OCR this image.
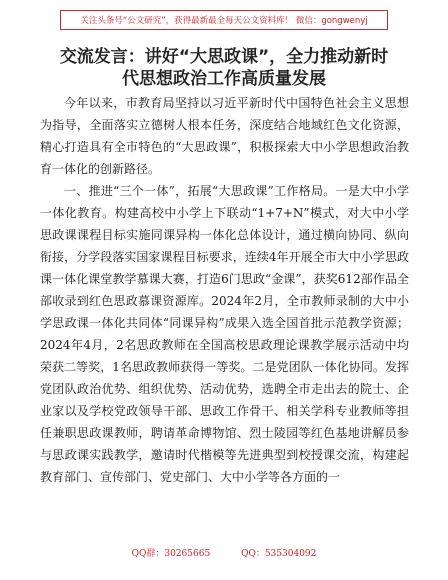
关注头条号“公文研究”，获得最新最全每天公文资料库！ 微信：gongwenyj
交流发言：讲好“大思政课”，全力推动新时
代思想政治工作高质量发展

今年以来，市教育局坚持以习近平新时代中国特色社会主义思想为指导，全面落实立德树人根本任务，深度结合地域红色文化资源，精心打造具有全市特色的“大思政课”，积极探索大中小学思想政治教育一体化的创新路径。

一、推进“三个一体”，拓展“大思政课”工作格局。一是大中小学一体化教育。构建高校中小学上下联动“1+7+N”模式，对大中小学思政课课程目标实施同课异构一体化总体设计，通过横向协同、纵向衔接，分学段落实国家课程目标要求，连续4年开展全市大中小学思政课一体化课堂教学慕课大赛，打造6门思政“金课”，获奖612部作品全部收录到红色思政慕课资源库。2024年2月，全市教师录制的大中小学思政课一体化共同体“同课异构”成果入选全国首批示范教学资源；2024年4月，2名思政教师在全国高校思政理论课教学展示活动中均荣获二等奖，1名思政教师获得一等奖。二是党团队一体化协同。发挥党团队政治优势、组织优势、活动优势，选聘全市走出去的院士、企业家以及学校党政领导干部、思政工作骨干、相关学科专业教师等担任兼职思政课教师，聘请革命博物馆、烈士陵园等红色基地讲解员参与思政课实践教学，邀请时代楷模等先进典型到校授课交流，构建起教育部门、宣传部门、党史部门、大中小学等各方面的一

QQ群：30265665	QQ：535304092
